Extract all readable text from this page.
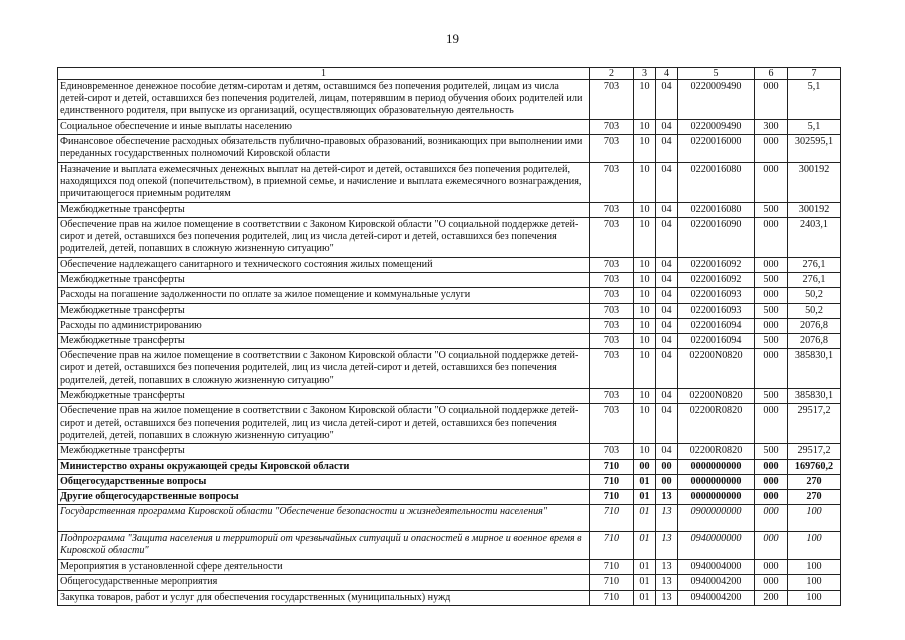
19
1	2	3	4	5	6	7
Единовременное денежное пособие детям-сиротам и детям, оставшимся без попечения родителей, лицам из числа детей-сирот и детей, оставшихся без попечения родителей, лицам, потерявшим в период обучения обоих родителей или единственного родителя, при выпуске из организаций, осуществляющих образовательную деятельность	703	10	04	0220009490	000	5,1
Социальное обеспечение и иные выплаты населению	703	10	04	0220009490	300	5,1
Финансовое обеспечение расходных обязательств публично-правовых образований, возникающих при выполнении ими переданных государственных полномочий Кировской области	703	10	04	0220016000	000	302595,1
Назначение и выплата ежемесячных денежных выплат на детей-сирот и детей, оставшихся без попечения родителей, находящихся под опекой (попечительством), в приемной семье, и начисление и выплата ежемесячного вознаграждения, причитающегося приемным родителям	703	10	04	0220016080	000	300192
Межбюджетные трансферты	703	10	04	0220016080	500	300192
Обеспечение прав на жилое помещение в соответствии с Законом Кировской области "О социальной поддержке детей-сирот и детей, оставшихся без попечения родителей, лиц из числа детей-сирот и детей, оставшихся без попечения родителей, детей, попавших в сложную жизненную ситуацию"	703	10	04	0220016090	000	2403,1
Обеспечение надлежащего санитарного и технического состояния жилых помещений	703	10	04	0220016092	000	276,1
Межбюджетные трансферты	703	10	04	0220016092	500	276,1
Расходы на погашение задолженности по оплате за жилое помещение и коммунальные услуги	703	10	04	0220016093	000	50,2
Межбюджетные трансферты	703	10	04	0220016093	500	50,2
Расходы по администрированию	703	10	04	0220016094	000	2076,8
Межбюджетные трансферты	703	10	04	0220016094	500	2076,8
Обеспечение прав на жилое помещение в соответствии с Законом Кировской области "О социальной поддержке детей-сирот и детей, оставшихся без попечения родителей, лиц из числа детей-сирот и детей, оставшихся без попечения родителей, детей, попавших в сложную жизненную ситуацию"	703	10	04	02200N0820	000	385830,1
Межбюджетные трансферты	703	10	04	02200N0820	500	385830,1
Обеспечение прав на жилое помещение в соответствии с Законом Кировской области "О социальной поддержке детей-сирот и детей, оставшихся без попечения родителей, лиц из числа детей-сирот и детей, оставшихся без попечения родителей, детей, попавших в сложную жизненную ситуацию"	703	10	04	02200R0820	000	29517,2
Межбюджетные трансферты	703	10	04	02200R0820	500	29517,2
Министерство охраны окружающей среды Кировской области	710	00	00	0000000000	000	169760,2
Общегосударственные вопросы	710	01	00	0000000000	000	270
Другие общегосударственные вопросы	710	01	13	0000000000	000	270
Государственная программа Кировской области "Обеспечение безопасности и жизнедеятельности населения"	710	01	13	0900000000	000	100
Подпрограмма "Защита населения и территорий от чрезвычайных ситуаций и опасностей в мирное и военное время в Кировской области"	710	01	13	0940000000	000	100
Мероприятия в установленной сфере деятельности	710	01	13	0940004000	000	100
Общегосударственные мероприятия	710	01	13	0940004200	000	100
Закупка товаров, работ и услуг для обеспечения государственных (муниципальных) нужд	710	01	13	0940004200	200	100
